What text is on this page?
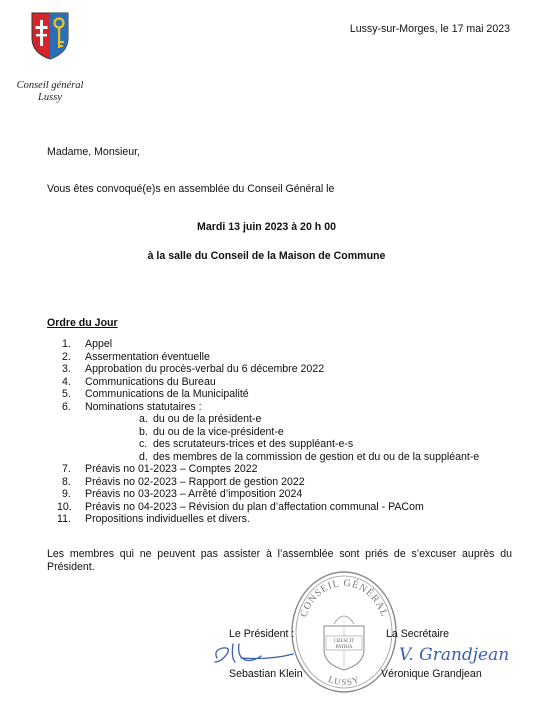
Conseil général
Lussy
Lussy-sur-Morges, le 17 mai 2023
Madame, Monsieur,
Vous êtes convoqué(e)s en assemblée du Conseil Général le
Mardi 13 juin 2023 à 20 h 00
à la salle du Conseil de la Maison de Commune
Ordre du Jour
1.	Appel
2.	Assermentation éventuelle
3.	Approbation du procès-verbal du 6 décembre 2022
4.	Communications du Bureau
5.	Communications de la Municipalité
6.	Nominations statutaires :
a. du ou de la président-e
b. du ou de la vice-président-e
c. des scrutateurs-trices et des suppléant-e-s
d. des membres de la commission de gestion et du ou de la suppléant-e
7.	Préavis no 01-2023 – Comptes 2022
8.	Préavis no 02-2023 – Rapport de gestion 2022
9.	Préavis no 03-2023 – Arrêté d’imposition 2024
10.	Préavis no 04-2023 – Révision du plan d’affectation communal - PACom
11.	Propositions individuelles et divers.
Les membres qui ne peuvent pas assister à l’assemblée sont priés de s’excuser auprès du Président.
CONSEIL GÉNÉRAL
LUSSY
CRESCIT
PATRIA
Le Président :	La Secrétaire
V. Grandjean
Sebastian Klein	Véronique Grandjean
